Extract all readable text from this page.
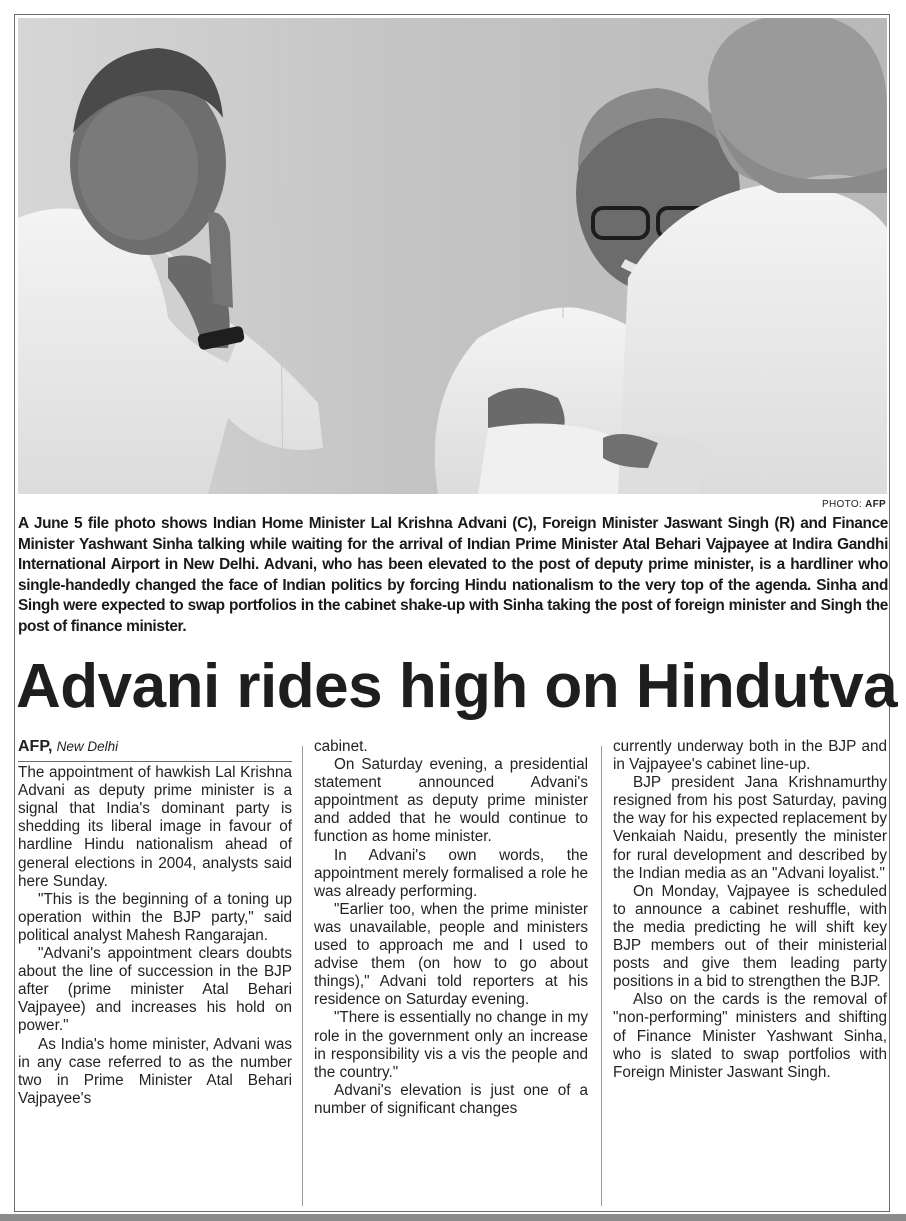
PHOTO: AFP
A June 5 file photo shows Indian Home Minister Lal Krishna Advani (C), Foreign Minister Jaswant Singh (R) and Finance Minister Yashwant Sinha talking while waiting for the arrival of Indian Prime Minister Atal Behari Vajpayee at Indira Gandhi International Airport in New Delhi. Advani, who has been elevated to the post of deputy prime minister, is a hardliner who single-handedly changed the face of Indian politics by forcing Hindu nationalism to the very top of the agenda. Sinha and Singh were expected to swap portfolios in the cabinet shake-up with Sinha taking the post of foreign minister and Singh the post of finance minister.
Advani rides high on Hindutva
AFP, New Delhi

The appointment of hawkish Lal Krishna Advani as deputy prime minister is a signal that India's dominant party is shedding its liberal image in favour of hardline Hindu nationalism ahead of general elections in 2004, analysts said here Sunday.

"This is the beginning of a toning up operation within the BJP party," said political analyst Mahesh Rangarajan.

"Advani's appointment clears doubts about the line of succession in the BJP after (prime minister Atal Behari Vajpayee) and increases his hold on power."

As India's home minister, Advani was in any case referred to as the number two in Prime Minister Atal Behari Vajpayee's

cabinet.

On Saturday evening, a presidential statement announced Advani's appointment as deputy prime minister and added that he would continue to function as home minister.

In Advani's own words, the appointment merely formalised a role he was already performing.

"Earlier too, when the prime minister was unavailable, people and ministers used to approach me and I used to advise them (on how to go about things)," Advani told reporters at his residence on Saturday evening.

"There is essentially no change in my role in the government only an increase in responsibility vis a vis the people and the country."

Advani's elevation is just one of a number of significant changes

currently underway both in the BJP and in Vajpayee's cabinet line-up.

BJP president Jana Krishnamurthy resigned from his post Saturday, paving the way for his expected replacement by Venkaiah Naidu, presently the minister for rural development and described by the Indian media as an "Advani loyalist."

On Monday, Vajpayee is scheduled to announce a cabinet reshuffle, with the media predicting he will shift key BJP members out of their ministerial posts and give them leading party positions in a bid to strengthen the BJP.

Also on the cards is the removal of "non-performing" ministers and shifting of Finance Minister Yashwant Sinha, who is slated to swap portfolios with Foreign Minister Jaswant Singh.
